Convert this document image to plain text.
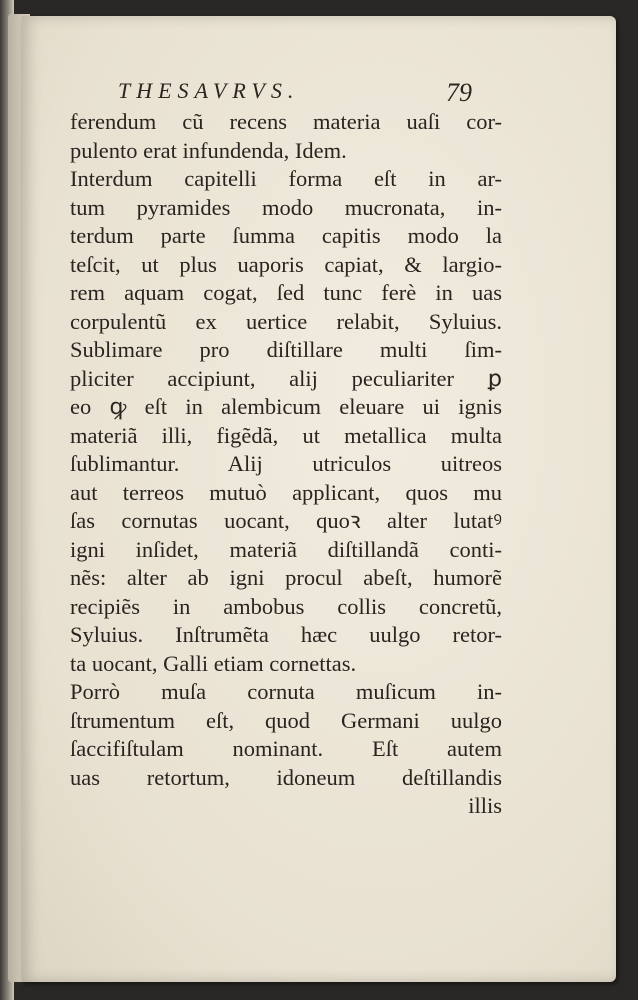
THESAVRVS.	79
ferendum cũ recens materia uaſi cor-
pulento erat infundenda, Idem.
Interdum capitelli forma eſt in ar-
tum pyramides modo mucronata, in-
terdum parte ſumma capitis modo la
teſcit, ut plus uaporis capiat, & largio-
rem aquam cogat, ſed tunc ferè in uas
corpulentũ ex uertice relabit, Syluius.
Sublimare pro diſtillare multi ſim-
pliciter accipiunt, alij peculiariter ꝑ
eo ꝙ eſt in alembicum eleuare ui ignis
materiã illi, figẽdã, ut metallica multa
ſublimantur. Alij utriculos uitreos
aut terreos mutuò applicant, quos mu
ſas cornutas uocant, quoꝛ alter lutatꝰ
igni inſidet, materiã diſtillandã conti-
nẽs: alter ab igni procul abeſt, humorẽ
recipiẽs in ambobus collis concretũ,
Syluius. Inſtrumẽta hæc uulgo retor-
ta uocant, Galli etiam cornettas.
Porrò muſa cornuta muſicum in-
ſtrumentum eſt, quod Germani uulgo
ſaccifiſtulam nominant. Eſt autem
uas retortum, idoneum deſtillandis
illis
